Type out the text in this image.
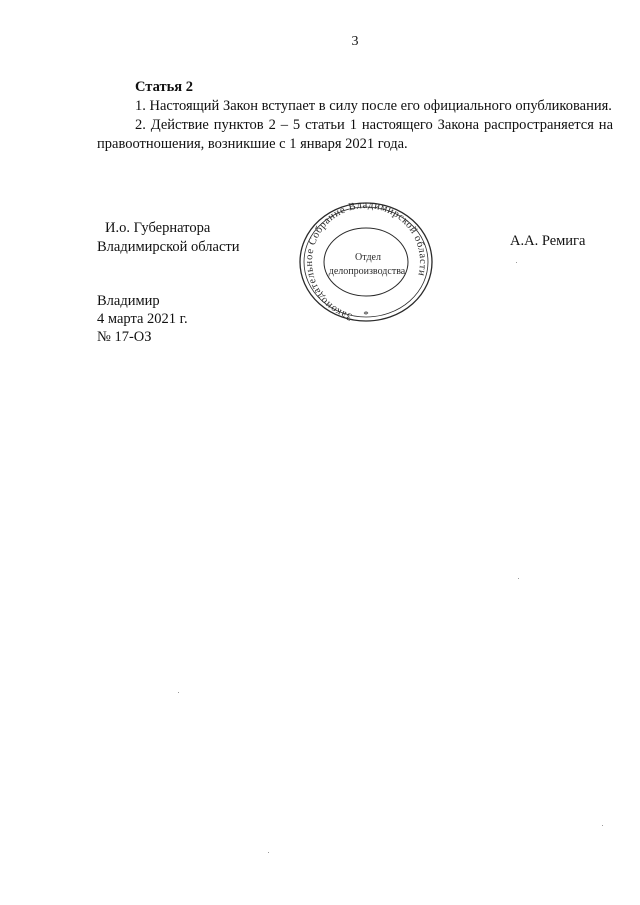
3
Статья 2

1. Настоящий Закон вступает в силу после его официального опубликования.

2. Действие пунктов 2 – 5 статьи 1 настоящего Закона распространяется на правоотношения, возникшие с 1 января 2021 года.

И.о. Губернатора
Владимирской области
Законодательное Собрание Владимирской области
*
Отдел
делопроизводства
А.А. Ремига
Владимир
4 марта 2021 г.
№ 17-ОЗ
